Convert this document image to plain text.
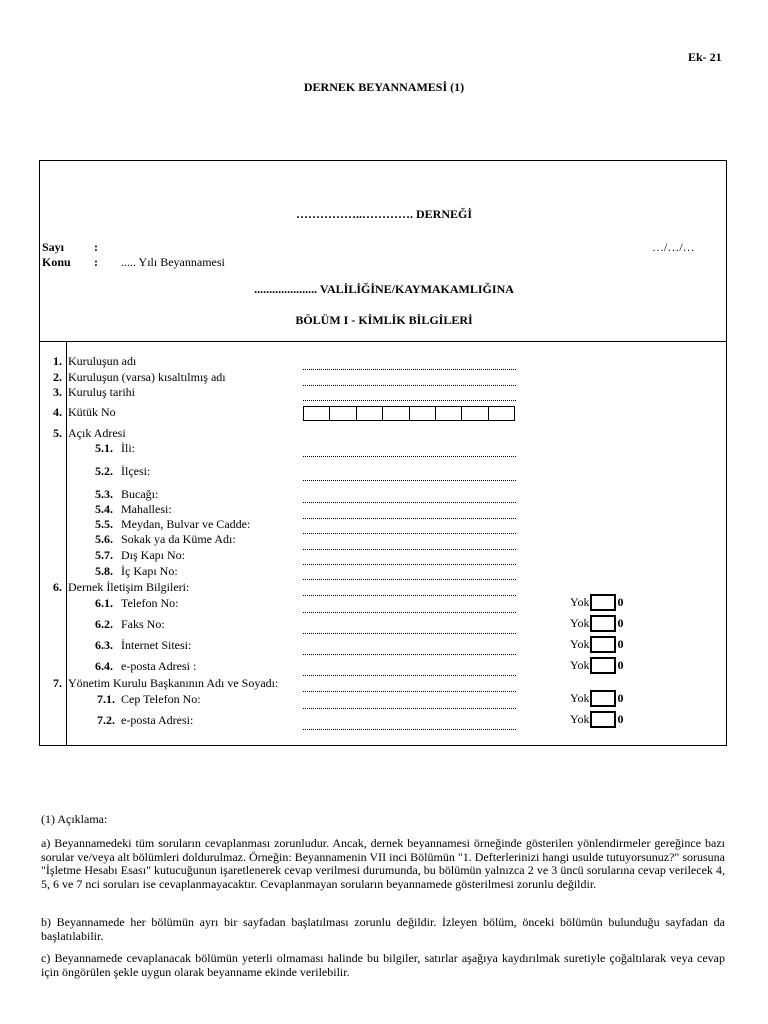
Ek- 21
DERNEK BEYANNAMESİ (1)
……………..…………. DERNEĞİ
Sayı :	…/…/…
Konu : ..... Yılı Beyannamesi
..................... VALİLİĞİNE/KAYMAKAMLIĞINA
BÖLÜM I - KİMLİK BİLGİLERİ
1. Kuruluşun adı
2. Kuruluşun (varsa) kısaltılmış adı
3. Kuruluş tarihi
4. Kütük No
5. Açık Adresi
5.1. İli:
5.2. İlçesi:
5.3. Bucağı:
5.4. Mahallesi:
5.5. Meydan, Bulvar ve Cadde:
5.6. Sokak ya da Küme Adı:
5.7. Dış Kapı No:
5.8. İç Kapı No:
6. Dernek İletişim Bilgileri:
6.1. Telefon No:	Yok 0
6.2. Faks No:	Yok 0
6.3. İnternet Sitesi:	Yok 0
6.4. e-posta Adresi :	Yok 0
7. Yönetim Kurulu Başkanının Adı ve Soyadı:
7.1. Cep Telefon No:	Yok 0
7.2. e-posta Adresi:	Yok 0
(1) Açıklama:
a) Beyannamedeki tüm soruların cevaplanması zorunludur. Ancak, dernek beyannamesi örneğinde gösterilen yönlendirmeler gereğince bazı sorular ve/veya alt bölümleri doldurulmaz. Örneğin: Beyannamenin VII inci Bölümün "1. Defterlerinizi hangi usulde tutuyorsunuz?" sorusuna "İşletme Hesabı Esası" kutucuğunun işaretlenerek cevap verilmesi durumunda, bu bölümün yalnızca 2 ve 3 üncü sorularına cevap verilecek 4, 5, 6 ve 7 nci soruları ise cevaplanmayacaktır. Cevaplanmayan soruların beyannamede gösterilmesi zorunlu değildir.
b) Beyannamede her bölümün ayrı bir sayfadan başlatılması zorunlu değildir. İzleyen bölüm, önceki bölümün bulunduğu sayfadan da başlatılabilir.
c) Beyannamede cevaplanacak bölümün yeterli olmaması halinde bu bilgiler, satırlar aşağıya kaydırılmak suretiyle çoğaltılarak veya cevap için öngörülen şekle uygun olarak beyanname ekinde verilebilir.
